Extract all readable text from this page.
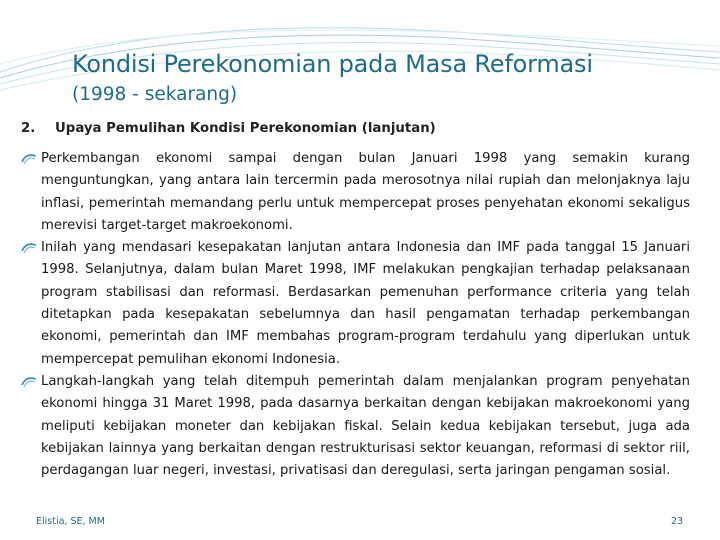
Kondisi Perekonomian pada Masa Reformasi
(1998 - sekarang)
2. Upaya Pemulihan Kondisi Perekonomian (lanjutan)
Perkembangan ekonomi sampai dengan bulan Januari 1998 yang semakin kurang menguntungkan, yang antara lain tercermin pada merosotnya nilai rupiah dan melonjaknya laju inflasi, pemerintah memandang perlu untuk mempercepat proses penyehatan ekonomi sekaligus merevisi target-target makroekonomi.
Inilah yang mendasari kesepakatan lanjutan antara Indonesia dan IMF pada tanggal 15 Januari 1998. Selanjutnya, dalam bulan Maret 1998, IMF melakukan pengkajian terhadap pelaksanaan program stabilisasi dan reformasi. Berdasarkan pemenuhan performance criteria yang telah ditetapkan pada kesepakatan sebelumnya dan hasil pengamatan terhadap perkembangan ekonomi, pemerintah dan IMF membahas program-program terdahulu yang diperlukan untuk mempercepat pemulihan ekonomi Indonesia.
Langkah-langkah yang telah ditempuh pemerintah dalam menjalankan program penyehatan ekonomi hingga 31 Maret 1998, pada dasarnya berkaitan dengan kebijakan makroekonomi yang meliputi kebijakan moneter dan kebijakan fiskal. Selain kedua kebijakan tersebut, juga ada kebijakan lainnya yang berkaitan dengan restrukturisasi sektor keuangan, reformasi di sektor riil, perdagangan luar negeri, investasi, privatisasi dan deregulasi, serta jaringan pengaman sosial.
Elistia, SE, MM	23
